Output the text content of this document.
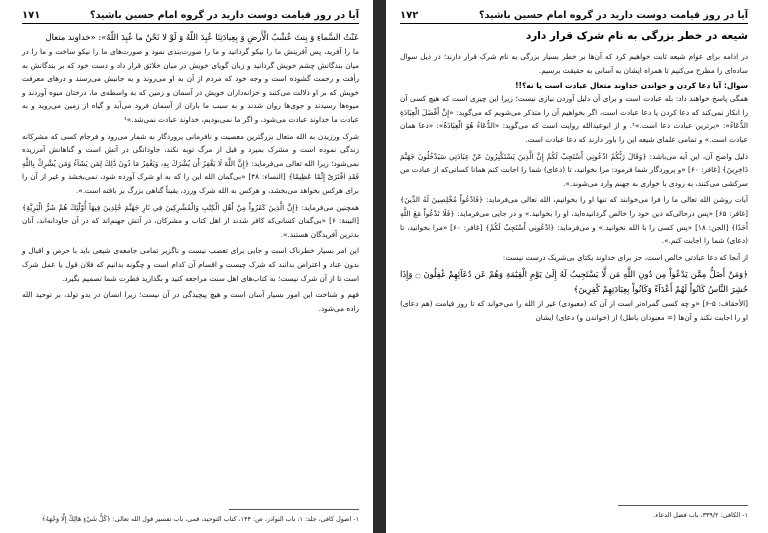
آیا در روز قیامت دوست دارید در گروه امام حسین باشید؟
۱۷۱

عَنْتُ السَّماءِ وَ بِنتَ عُشْبُ الْأَرضِ وَ بِعِبادَتِنَا عُبِدَ اللّهُ وَ لَوْ لا نَحْنُ ما عُبِدَ اللّهُ»: «خداوند متعال

ما را آفرید، پس آفرینش ما را نیکو گردانید و ما را صورت‌بندی نمود و صورت‌های ما را نیکو ساخت و ما را در میان بندگانش چشم خویش گردانید و زبان گویای خویش در میان خلائق قرار داد و دست خود که بر بندگانش به رأفت و رحمت گشوده است و وجه خود که مردم از آن به او می‌روند و به جانبش می‌رسند و درهای معرفت خویش که بر او دلالت می‌کنند و خزانه‌داران خویش در آسمان و زمین که به واسطه‌ی ما، درختان میوه آوردند و میوه‌ها رسیدند و جوی‌ها روان شدند و به سبب ما باران از آسمان فرود می‌آید و گیاه از زمین می‌روید و به عبادت ما خداوند عبادت می‌شود، و اگر ما نمی‌بودیم، خداوند عبادت نمی‌شد.»¹

شرک ورزیدن به الله متعال بزرگترین معصیت و نافرمانی پروردگار به شمار می‌رود و فرجام کسی که مشرکانه زندگی نموده است و مشرک بمیرد و قبل از مرگ توبه نکند، جاودانگی در آتش است و گناهانش آمرزیده نمی‌شود؛ زیرا الله تعالی می‌فرماید: ﴿إِنَّ اللَّهَ لَا يَغْفِرُ أَن يُشْرَكَ بِهِ، وَيَغْفِرُ مَا دُونَ ذَٰلِكَ لِمَن يَشَآءُ وَمَن يُشْرِكْ بِاللَّهِ فَقَدِ افْتَرَىٰٓ إِثْمًا عَظِيمًا﴾ [النساء: ۴۸] «بی‌گمان الله این را که به او شرک آورده شود، نمی‌بخشد و غیر از آن را برای هرکس بخواهد می‌بخشد، و هرکس به الله شرک ورزد، یقیناً گناهی بزرگ بر بافته است.».

همچنین می‌فرماید: ﴿إِنَّ الَّذِينَ كَفَرُواْ مِنْ أَهْلِ الْكِتَٰبِ وَالْمُشْرِكِينَ فِي نَارِ جَهَنَّمَ خَٰلِدِينَ فِيهَآ أُوْلَٰٓئِكَ هُمْ شَرُّ الْبَرِيَّةِ﴾ [البینة: ۶] «بی‌گمان کسانی‌که کافر شدند از اهل کتاب و مشرکان، در آتش جهنم‌اند که در آن جاودانه‌اند، آنان بدترین آفریدگان هستند.».

این امر بسیار خطرناک است و جایی برای تعصب نیست و ناگزیر تمامی جامعه‌ی شیعی باید با حرص و اقبال و بدون عناد و اعتراض بدانند که شرک چیست و اقسام آن کدام است و چگونه بدانیم که فلان قول یا عمل شرک است تا از آن شرک نیست؛ به کتاب‌های اهل سنت مراجعه کنید و بگذارید فطرت شما تصمیم بگیرد.

فهم و شناخت این امور بسیار آسان است و هیچ پیچیدگی در آن نیست؛ زیرا انسان در بدو تولد، بر توحید الله زاده می‌شود.

۱- اصول کافی، جلد: ۱، باب النوادر، ص: ۱۴۴، کتاب التوحید، قمی، باب تفسیر قول الله تعالی: ﴿كُلُّ شَيْءٍ هَالِكٌ إِلَّا وَجْهَهُ﴾

آیا در روز قیامت دوست دارید در گروه امام حسین باشید؟
۱۷۲
شیعه در خطر بزرگی به نام شرک قرار دارد

در ادامه برای عوام شیعه ثابت خواهیم کرد که آن‌ها بر خطر بسیار بزرگی به نام شرک قرار دارند؛ در ذیل سوال ساده‌ای را مطرح می‌کنیم تا همراه ایشان به آسانی به حقیقت برسیم.

سوال: آیا دعا کردن و خواندن خداوند متعال عبادت است یا نه؟!!

همگی پاسخ خواهند داد: بله عبادت است و برای آن دلیل آوردن نیازی نیست؛ زیرا این چیزی است که هیچ کسی آن را انکار نمی‌کند که دعا کردن یا دعا عبادت است، اگر بخواهیم آن را متذکر می‌شویم که می‌گوید: «إِنَّ أَفْضَلَ الْعِبَادَةِ الدُّعَاءُ»: «برترین عبادت دعا است.»¹. و از ابوعبدالله روایت است که می‌گوید: «الدُّعَاءُ هُوَ الْعِبَادَةُ»: «دعا همان عبادت است.» و تمامی علمای شیعه این را باور دارند که دعا عبادت است.

دلیل واضح آن، این آیه می‌باشد: ﴿وَقَالَ رَبُّكُمُ ادْعُونِي أَسْتَجِبْ لَكُمْ إِنَّ الَّذِينَ يَسْتَكْبِرُونَ عَنْ عِبَادَتِي سَيَدْخُلُونَ جَهَنَّمَ دَاخِرِينَ﴾ [غافر: ۶۰] «و پروردگار شما فرمود: مرا بخوانید، تا (دعای) شما را اجابت کنم همانا کسانی‌که از عبادت من سرکشی می‌کنند، به زودی با خواری به جهنم وارد می‌شوند.».

آیات روشن الله تعالی ما را فرا می‌خوانند که تنها او را بخوانیم، الله تعالی می‌فرماید: ﴿فَادْعُواْ مُخْلِصِينَ لَهُ الدِّينَ﴾ [غافر: ۶۵] «پس درحالی‌که دین خود را خالص گردانیده‌اید، او را بخوانید.» و در جایی می‌فرماید: ﴿فَلَا تَدْعُواْ مَعَ اللَّهِ أَحَدًا﴾ [الجن: ۱۸] «پس کسی را با الله نخوانید.» و می‌فرماید: ﴿ادْعُونِي أَسْتَجِبْ لَكُمْ﴾ [غافر: ۶۰] «مرا بخوانید، تا (دعای) شما را اجابت کنم.».

از آنجا که دعا عبادتی خالص است، جز برای خداوند یکتای بی‌شریک درست نیست:

﴿وَمَنْ أَضَلُّ مِمَّن يَدْعُواْ مِن دُونِ اللَّهِ مَن لَّا يَسْتَجِيبُ لَهُ إِلَىٰ يَوْمِ الْقِيَٰمَةِ وَهُمْ عَن دُعَآئِهِمْ غَٰفِلُونَ ۝ وَإِذَا حُشِرَ النَّاسُ كَانُواْ لَهُمْ أَعْدَآءً وَكَانُواْ بِعِبَادَتِهِمْ كَٰفِرِينَ﴾

[الأحقاف: ۵-۶] «و چه کسی گمراه‌تر است از آن که (معبودی) غیر از الله را می‌خواند که تا روز قیامت (هم دعای) او را اجابت نکند و آن‌ها (= معبودان باطل) از (خواندن و) دعای) ایشان

۱- الکافی: ۳۳۹/۲، باب فضل الدعاء.
